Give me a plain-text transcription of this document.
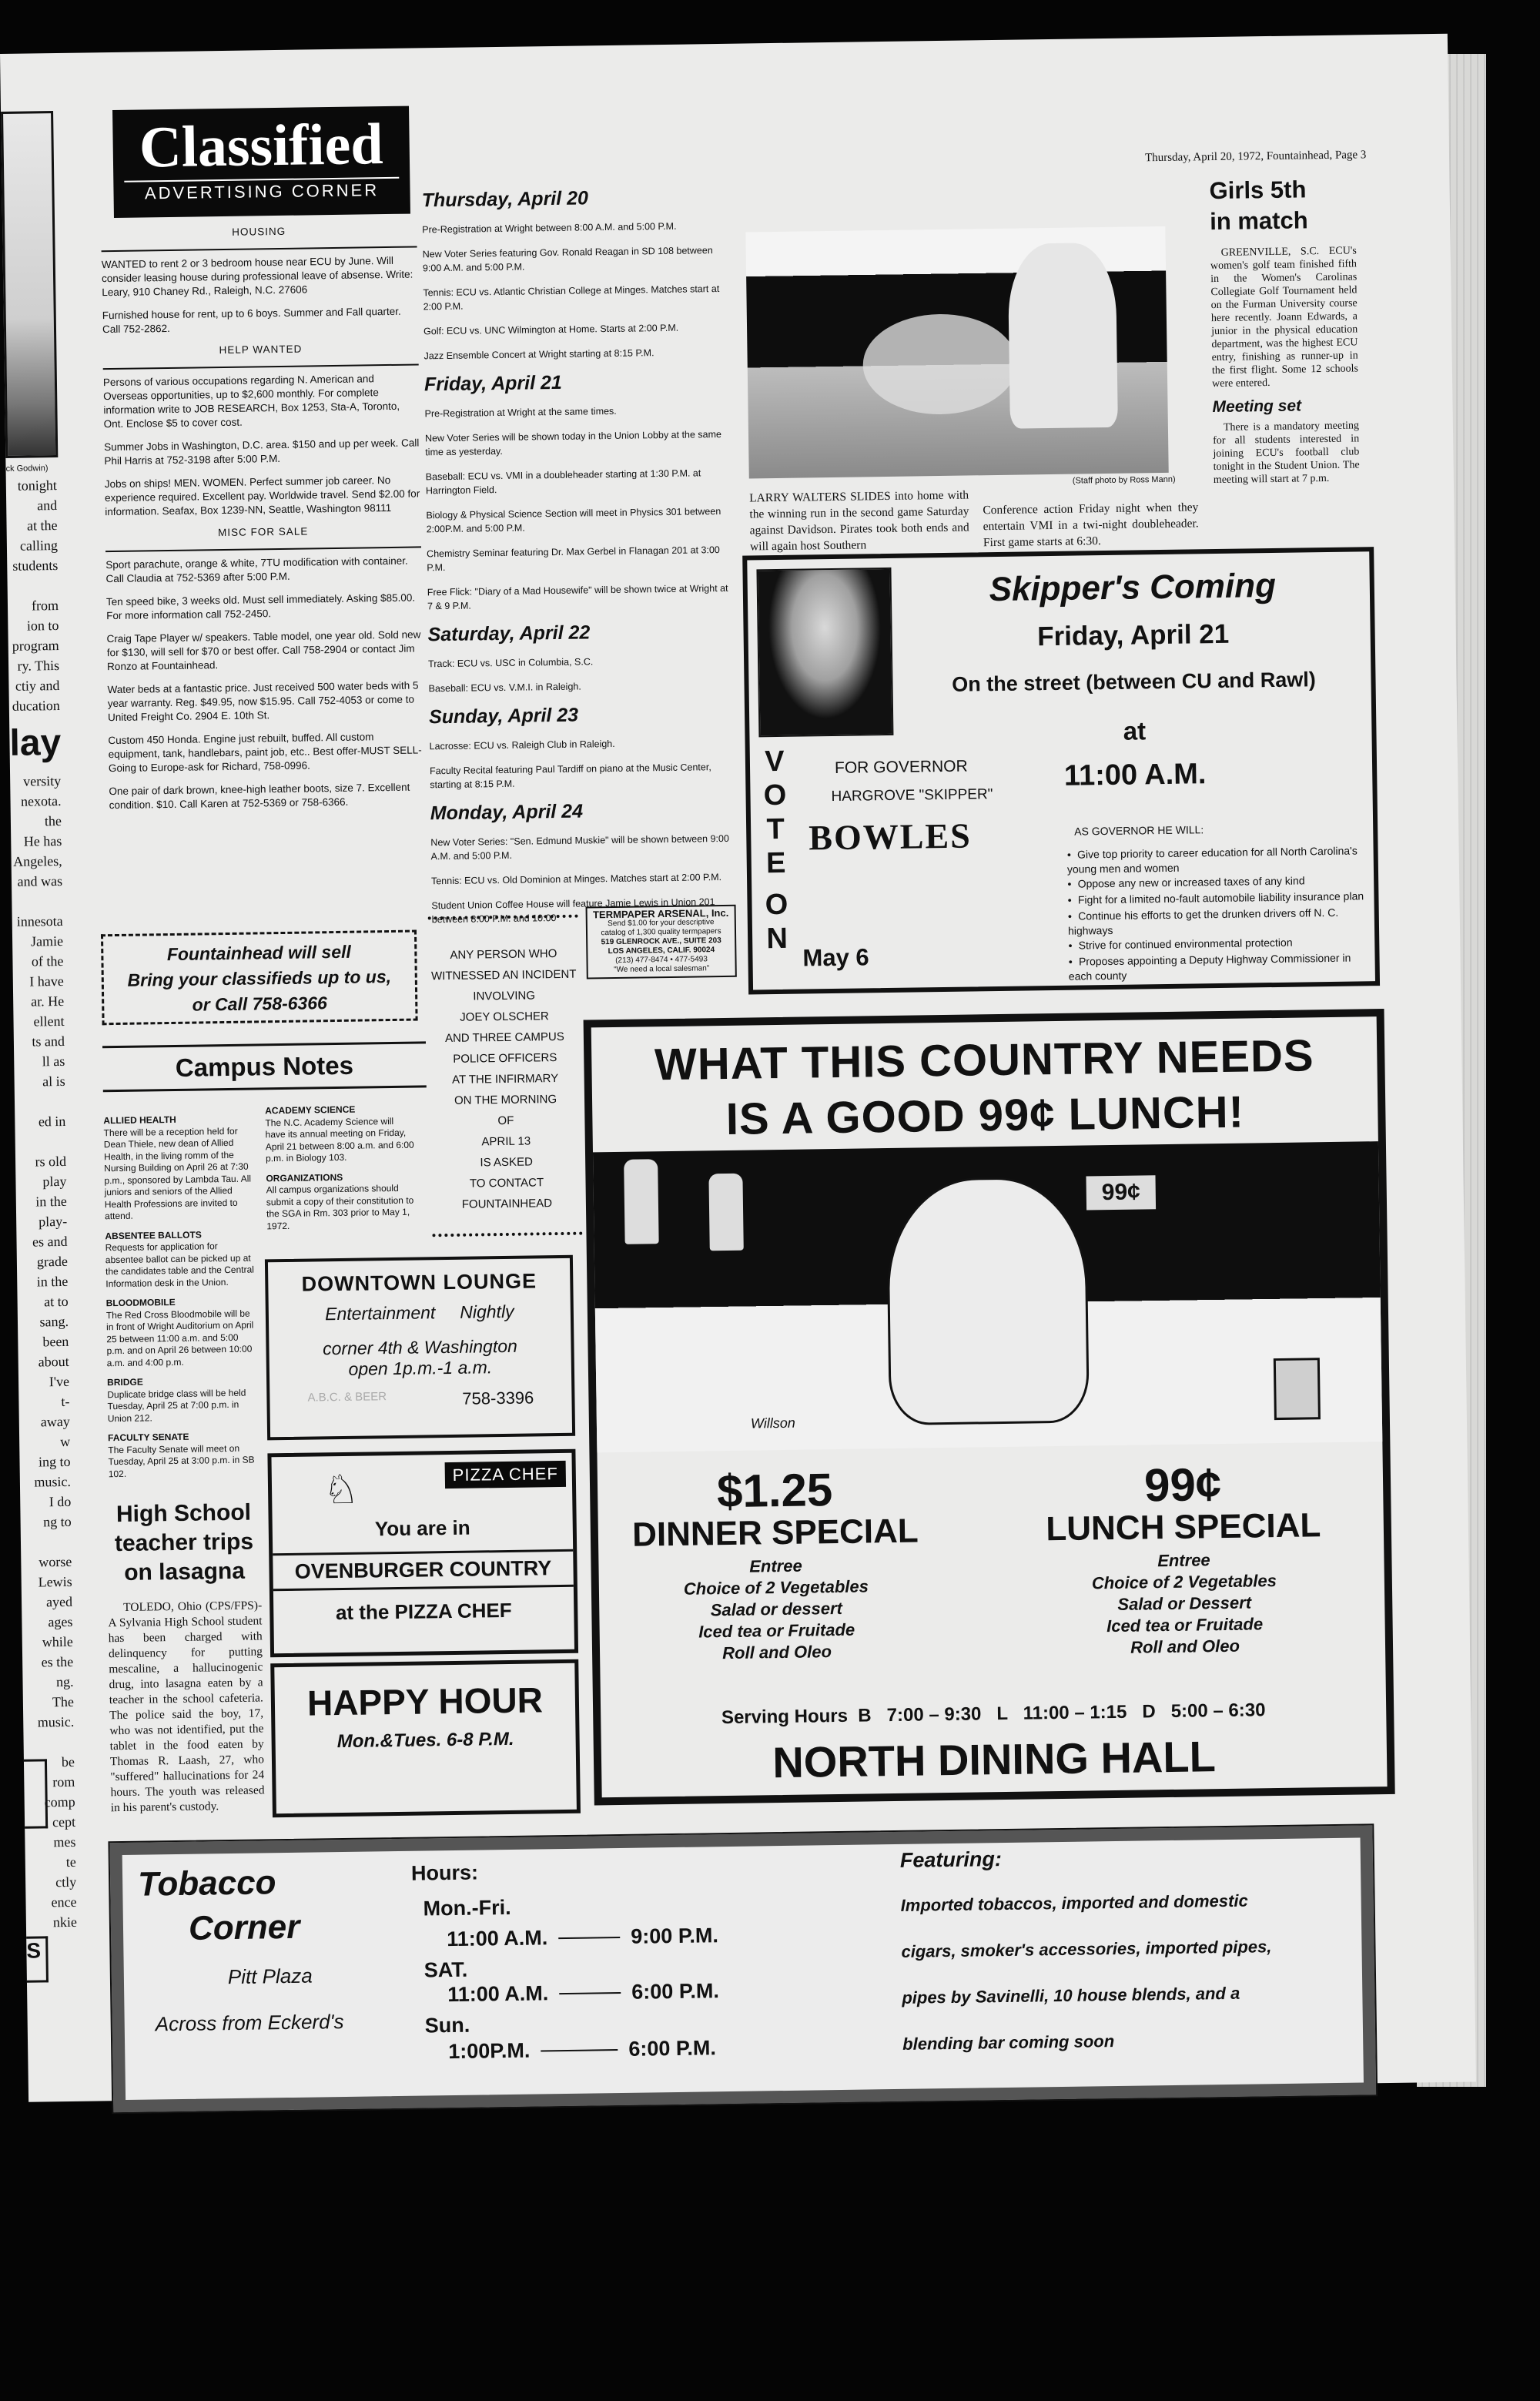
ck Godwin)
tonight
and
at the
calling
students

from
ion to
program
ry. This
ctiy and
ducation
lay
versity
nexota.
the
He has
Angeles,
and was

innesota
Jamie
of the
I have
ar. He
ellent
ts and
ll as
al is

ed in

rs old
play
in the
play-
es and
grade
in the
at to
sang.
been
about
I've
t-
away
w
ing to
music.
I do
ng to

worse
Lewis
ayed
ages
while
es the
ng.
The
music.

be
rom
comp
cept
mes
te
ctly
ence
nkie
S
Classified
ADVERTISING CORNER
HOUSING

WANTED to rent 2 or 3 bedroom house near ECU by June. Will consider leasing house during professional leave of absense. Write: Leary, 910 Chaney Rd., Raleigh, N.C. 27606

Furnished house for rent, up to 6 boys. Summer and Fall quarter. Call 752-2862.

HELP WANTED

Persons of various occupations regarding N. American and Overseas opportunities, up to $2,600 monthly. For complete information write to JOB RESEARCH, Box 1253, Sta-A, Toronto, Ont. Enclose $5 to cover cost.

Summer Jobs in Washington, D.C. area. $150 and up per week. Call Phil Harris at 752-3198 after 5:00 P.M.

Jobs on ships! MEN. WOMEN. Perfect summer job career. No experience required. Excellent pay. Worldwide travel. Send $2.00 for information. Seafax, Box 1239-NN, Seattle, Washington 98111

MISC FOR SALE

Sport parachute, orange & white, 7TU modification with container. Call Claudia at 752-5369 after 5:00 P.M.

Ten speed bike, 3 weeks old. Must sell immediately. Asking $85.00. For more information call 752-2450.

Craig Tape Player w/ speakers. Table model, one year old. Sold new for $130, will sell for $70 or best offer. Call 758-2904 or contact Jim Ronzo at Fountainhead.

Water beds at a fantastic price. Just received 500 water beds with 5 year warranty. Reg. $49.95, now $15.95. Call 752-4053 or come to United Freight Co. 2904 E. 10th St.

Custom 450 Honda. Engine just rebuilt, buffed. All custom equipment, tank, handlebars, paint job, etc.. Best offer-MUST SELL-Going to Europe-ask for Richard, 758-0996.

One pair of dark brown, knee-high leather boots, size 7. Excellent condition. $10. Call Karen at 752-5369 or 758-6366.

Fountainhead will sell
Bring your classifieds up to us,
or Call 758-6366
Thursday, April 20

Pre-Registration at Wright between 8:00 A.M. and 5:00 P.M.

New Voter Series featuring Gov. Ronald Reagan in SD 108 between 9:00 A.M. and 5:00 P.M.

Tennis: ECU vs. Atlantic Christian College at Minges. Matches start at 2:00 P.M.

Golf: ECU vs. UNC Wilmington at Home. Starts at 2:00 P.M.

Jazz Ensemble Concert at Wright starting at 8:15 P.M.

Friday, April 21

Pre-Registration at Wright at the same times.

New Voter Series will be shown today in the Union Lobby at the same time as yesterday.

Baseball: ECU vs. VMI in a doubleheader starting at 1:30 P.M. at Harrington Field.

Biology & Physical Science Section will meet in Physics 301 between 2:00P.M. and 5:00 P.M.

Chemistry Seminar featuring Dr. Max Gerbel in Flanagan 201 at 3:00 P.M.

Free Flick: "Diary of a Mad Housewife" will be shown twice at Wright at 7 & 9 P.M.

Saturday, April 22

Track: ECU vs. USC in Columbia, S.C.

Baseball: ECU vs. V.M.I. in Raleigh.

Sunday, April 23

Lacrosse: ECU vs. Raleigh Club in Raleigh.

Faculty Recital featuring Paul Tardiff on piano at the Music Center, starting at 8:15 P.M.

Monday, April 24

New Voter Series: "Sen. Edmund Muskie" will be shown between 9:00 A.M. and 5:00 P.M.

Tennis: ECU vs. Old Dominion at Minges. Matches start at 2:00 P.M.

Student Union Coffee House will feature Jamie Lewis in Union 201 between 8:00 P.M. and 10:00	TERMPAPER ARSENAL, Inc.
Send $1.00 for your descriptive
catalog of 1,300 quality termpapers
519 GLENROCK AVE., SUITE 203
LOS ANGELES, CALIF. 90024
(213) 477-8474 • 477-5493
"We need a local salesman"
ANY PERSON WHO
WITNESSED AN INCIDENT
INVOLVING
JOEY OLSCHER
AND THREE CAMPUS
POLICE OFFICERS
AT THE INFIRMARY
ON THE MORNING
OF
APRIL 13
IS ASKED
TO CONTACT
FOUNTAINHEAD
Campus Notes
ALLIED HEALTH
There will be a reception held for Dean Thiele, new dean of Allied Health, in the living romm of the Nursing Building on April 26 at 7:30 p.m., sponsored by Lambda Tau. All juniors and seniors of the Allied Health Professions are invited to attend.
ABSENTEE BALLOTS
Requests for application for absentee ballot can be picked up at the candidates table and the Central Information desk in the Union.
BLOODMOBILE
The Red Cross Bloodmobile will be in front of Wright Auditorium on April 25 between 11:00 a.m. and 5:00 p.m. and on April 26 between 10:00 a.m. and 4:00 p.m.
BRIDGE
Duplicate bridge class will be held Tuesday, April 25 at 7:00 p.m. in Union 212.
FACULTY SENATE
The Faculty Senate will meet on Tuesday, April 25 at 3:00 p.m. in SB 102.
ACADEMY SCIENCE
The N.C. Academy Science will have its annual meeting on Friday, April 21 between 8:00 a.m. and 6:00 p.m. in Biology 103.
ORGANIZATIONS
All campus organizations should submit a copy of their constitution to the SGA in Rm. 303 prior to May 1, 1972.
High School
teacher trips
on lasagna
TOLEDO, Ohio (CPS/FPS)-A Sylvania High School student has been charged with delinquency for putting mescaline, a hallucinogenic drug, into lasagna eaten by a teacher in the school cafeteria. The police said the boy, 17, who was not identified, put the tablet in the food eaten by Thomas R. Laash, 27, who "suffered" hallucinations for 24 hours. The youth was released in his parent's custody.
DOWNTOWN LOUNGE
Entertainment     Nightly
corner 4th & Washington
open 1p.m.-1 a.m.
A.B.C. & BEER	758-3396
♘	PIZZA CHEF
You are in
OVENBURGER COUNTRY
at the PIZZA CHEF
HAPPY HOUR
Mon.&Tues. 6-8 P.M.
Thursday, April 20, 1972, Fountainhead, Page 3
(Staff photo by Ross Mann)
LARRY WALTERS SLIDES into home with the winning run in the second game Saturday against Davidson. Pirates took both ends and will again host Southern
Conference action Friday night when they entertain VMI in a twi-night doubleheader. First game starts at 6:30.
Girls 5th
in match
GREENVILLE, S.C. ECU's women's golf team finished fifth in the Women's Carolinas Collegiate Golf Tournament held on the Furman University course here recently. Joann Edwards, a junior in the physical education department, was the highest ECU entry, finishing as runner-up in the first flight. Some 12 schools were entered.
Meeting set
There is a mandatory meeting for all students interested in joining ECU's football club tonight in the Student Union. The meeting will start at 7 p.m.
Skipper's Coming
Friday, April 21
On the street (between CU and Rawl)
at
11:00 A.M.
V
O
T
E
O
N
FOR GOVERNOR
HARGROVE "SKIPPER"
BOWLES
May 6
AS GOVERNOR HE WILL:
● Give top priority to career education for all North Carolina's young men and women
● Oppose any new or increased taxes of any kind
● Fight for a limited no-fault automobile liability insurance plan
● Continue his efforts to get the drunken drivers off N. C. highways
● Strive for continued environmental protection
● Proposes appointing a Deputy Highway Commissioner in each county
WHAT THIS COUNTRY NEEDS
IS A GOOD 99¢ LUNCH!
99¢
Willson
$1.25
DINNER SPECIAL
Entree
Choice of 2 Vegetables
Salad or dessert
Iced tea or Fruitade
Roll and Oleo
99¢
LUNCH SPECIAL
Entree
Choice of 2 Vegetables
Salad or Dessert
Iced tea or Fruitade
Roll and Oleo
Serving Hours  B   7:00 – 9:30   L   11:00 – 1:15   D   5:00 – 6:30
NORTH DINING HALL
Tobacco
Corner
Pitt Plaza
Across from Eckerd's
Hours:
Mon.-Fri.
11:00 A.M.	9:00 P.M.
SAT.
11:00 A.M.	6:00 P.M.
Sun.
1:00P.M.	6:00 P.M.
Featuring:
Imported tobaccos, imported and domestic
cigars, smoker's accessories, imported pipes,
pipes by Savinelli, 10 house blends, and a
blending bar coming soon
